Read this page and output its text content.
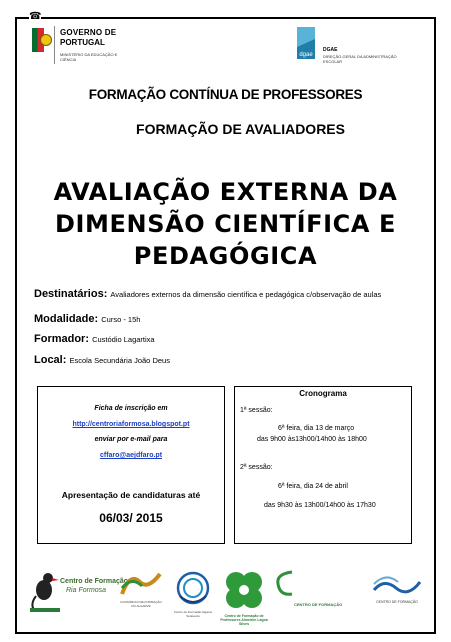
☎
GOVERNO DE
PORTUGAL
MINISTÉRIO DA EDUCAÇÃO E CIÊNCIA
dgae
DGAE
DIREÇÃO-GERAL DA ADMINISTRAÇÃO ESCOLAR
FORMAÇÃO CONTÍNUA DE PROFESSORES
FORMAÇÃO DE AVALIADORES
AVALIAÇÃO EXTERNA DA
DIMENSÃO CIENTÍFICA E
PEDAGÓGICA
Destinatários: Avaliadores externos da dimensão científica e pedagógica c/observação de aulas
Modalidade: Curso - 15h
Formador: Custódio Lagartixa
Local: Escola Secundária João Deus
Ficha de inscrição em
http://centroriaformosa.blogspot.pt
enviar por e-mail para
cffaro@aejdfaro.pt
Apresentação de candidaturas até
06/03/ 2015
Cronograma
1ª sessão:
6ª feira, dia 13 de março
das 9h00 às13h00/14h00 às 18h00
2ª sessão:
6ª feira, dia 24 de abril
das 9h30 às 13h00/14h00 às 17h30
Centro de Formação
Ria Formosa
CONSÓRCIO DE FORMAÇÃO DO ALGARVE
Centro de Formação Algarve Sotavento	Centro de Formação de Professores Almeirim Lagoa Silves
CENTRO DE FORMAÇÃO	CENTRO DE FORMAÇÃO
